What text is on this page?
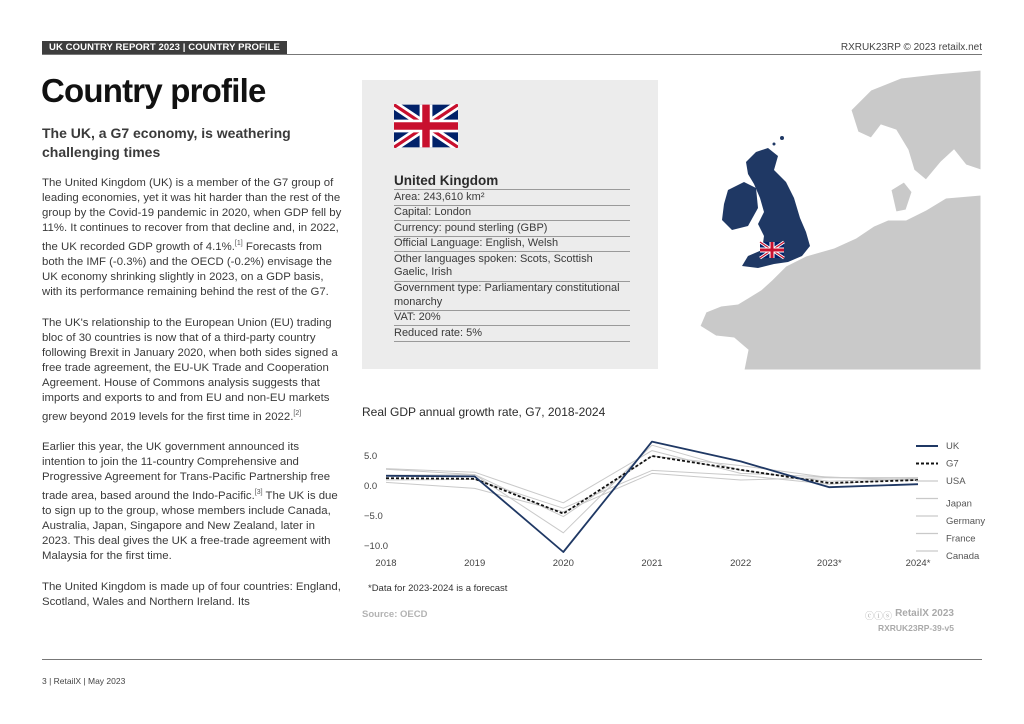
UK COUNTRY REPORT 2023 | COUNTRY PROFILE	RXRUK23RP © 2023 retailx.net
Country profile

The UK, a G7 economy, is weathering challenging times

The United Kingdom (UK) is a member of the G7 group of leading economies, yet it was hit harder than the rest of the group by the Covid-19 pandemic in 2020, when GDP fell by 11%. It continues to recover from that decline and, in 2022, the UK recorded GDP growth of 4.1%.[1] Forecasts from both the IMF (-0.3%) and the OECD (-0.2%) envisage the UK economy shrinking slightly in 2023, on a GDP basis, with its performance remaining behind the rest of the G7.

The UK's relationship to the European Union (EU) trading bloc of 30 countries is now that of a third-party country following Brexit in January 2020, when both sides signed a free trade agreement, the EU-UK Trade and Cooperation Agreement. House of Commons analysis suggests that imports and exports to and from EU and non-EU markets grew beyond 2019 levels for the first time in 2022.[2]

Earlier this year, the UK government announced its intention to join the 11-country Comprehensive and Progressive Agreement for Trans-Pacific Partnership free trade area, based around the Indo-Pacific.[3] The UK is due to sign up to the group, whose members include Canada, Australia, Japan, Singapore and New Zealand, later in 2023. This deal gives the UK a free-trade agreement with Malaysia for the first time.

The United Kingdom is made up of four countries: England, Scotland, Wales and Northern Ireland. Its

United Kingdom
Area: 243,610 km²
Capital: London
Currency: pound sterling (GBP)
Official Language: English, Welsh
Other languages spoken: Scots, Scottish Gaelic, Irish
Government type: Parliamentary constitutional monarchy
VAT: 20%
Reduced rate: 5%
Real GDP annual growth rate, G7, 2018-2024
5.0
0.0
−5.0
−10.0
2018	2019	2020	2021	2022	2023*	2024*
UK
G7
USA
Japan
Germany
France
Canada
*Data for 2023-2024 is a forecast
Source: OECD	ⓒⓘⓢ RetailX 2023
RXRUK23RP-39-v5
3 | RetailX | May 2023
